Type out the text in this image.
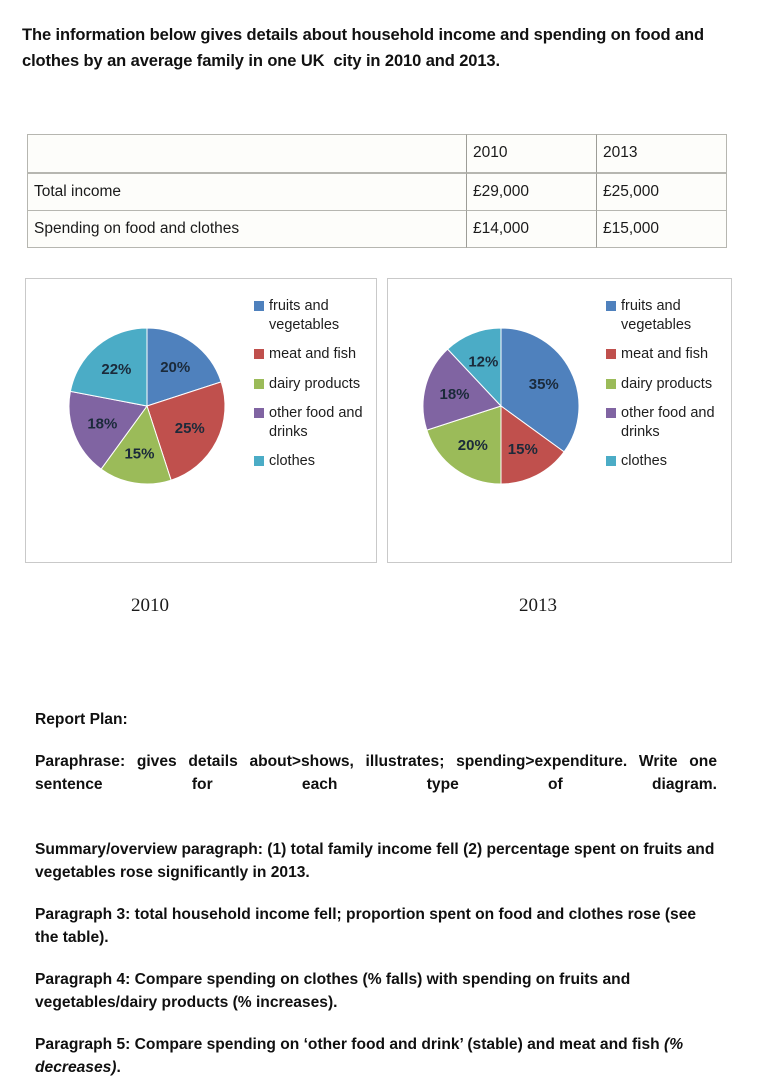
The information below gives details about household income and spending on food and clothes by an average family in one UK  city in 2010 and 2013.
	2010	2013
Total income	£29,000	£25,000
Spending on food and clothes	£14,000	£15,000
20%
25%
15%
18%
22%
fruits and vegetables
meat and fish
dairy products
other food and drinks
clothes
35%
15%
20%
18%
12%
fruits and vegetables
meat and fish
dairy products
other food and drinks
clothes
2010	2013
Report Plan:
Paraphrase: gives details about>shows, illustrates; spending>expenditure. Write one sentence for each type of diagram.
Summary/overview paragraph: (1) total family income fell (2) percentage spent on fruits and vegetables rose significantly in 2013.
Paragraph 3: total household income fell; proportion spent on food and clothes rose (see the table).
Paragraph 4: Compare spending on clothes (% falls) with spending on fruits and vegetables/dairy products (% increases).
Paragraph 5: Compare spending on ‘other food and drink’ (stable) and meat and fish (% decreases).
